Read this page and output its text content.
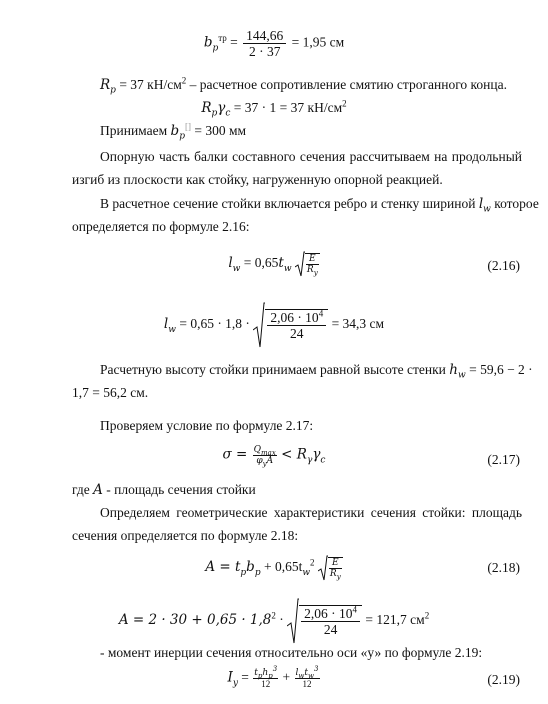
$b_р^{тр} = \frac{144,66}{2 \cdot 37} = 1,95$ см
$R_p = 37$ $кН/см^2$ – расчетное сопротивление смятию строганного конца.
$R_p\gamma_c = 37 \cdot 1 = 37$ $кН/см^2$
Принимаем $b_р[] = 300$ мм
Опорную часть балки составного сечения рассчитываем на продольный
изгиб из плоскости как стойку, нагруженную опорной реакцией.
В расчетное сечение стойки включается ребро и стенку шириной $l_w$ которое
определяется по формуле 2.16:
$l_w = 0,65t_w \frac{E}{R_y}$	(2.16)
$l_w = 0,65 \cdot 1,8 \cdot \frac{2,06 \cdot 10^4}{24} = 34,3$ см
Расчетную высоту стойки принимаем равной высоте стенки $h_w = 59,6 - 2$ ·
1,7 = 56,2 см.
Проверяем условие по формуле 2.17:
$\sigma = Q_{max}$
$\varphi_yA < R_\gamma\gamma_c$	(2.17)
где A - площадь сечения стойки
Определяем геометрические характеристики сечения стойки: площадь
сечения определяется по формуле 2.18:
$A = t_pb_p + 0,65t_w^2 \frac{E}{R_y}$	(2.18)
$A = 2 \cdot 30 + 0,65 \cdot 1,8^2 \cdot \frac{2,06 \cdot 10^4}{24} = 121,7$ $см^2$
- момент инерции сечения относительно оси «у» по формуле 2.19:
$I_y = t_ph_p^3$
$12 + l_wt_w^3$
12	(2.19)
